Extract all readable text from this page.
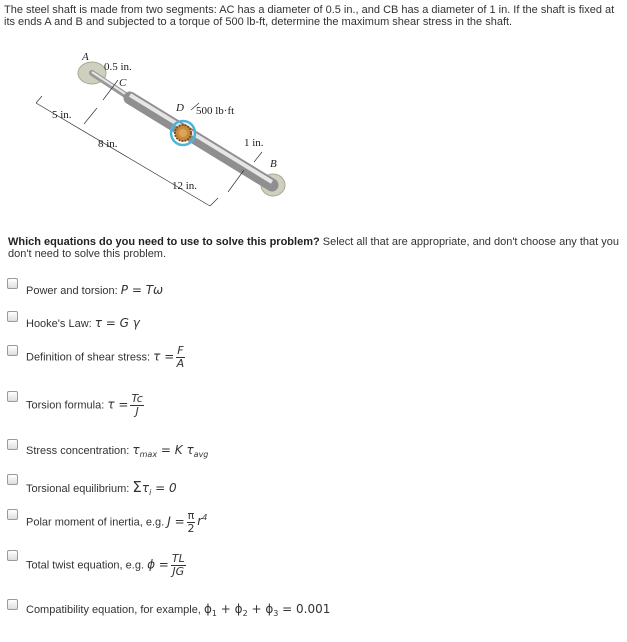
The steel shaft is made from two segments: AC has a diameter of 0.5 in., and CB has a diameter of 1 in. If the shaft is fixed at its ends A and B and subjected to a torque of 500 lb-ft, determine the maximum shear stress in the shaft.
A
0.5 in.
C
5 in.
8 in.
D 500 lb·ft
1 in.
B
12 in.
Which equations do you need to use to solve this problem? Select all that are appropriate, and don't choose any that you don't need to solve this problem.
Power and torsion: P = Tω
Hooke's Law: τ = G γ
Definition of shear stress: $\tau = \frac{F}{A}$
Torsion formula: $\tau = \frac{Tc}{J}$
Stress concentration: $\tau_{max} = K$ $\tau_{avg}$
Torsional equilibrium: $\Sigma\tau_i = 0$
Polar moment of inertia, e.g. $J = \frac{\pi}{2} r^4$
Total twist equation, e.g. $\phi = \frac{TL}{JG}$
Compatibility equation, for example, $\phi_1 + \phi_2 + \phi_3 = 0.001$
